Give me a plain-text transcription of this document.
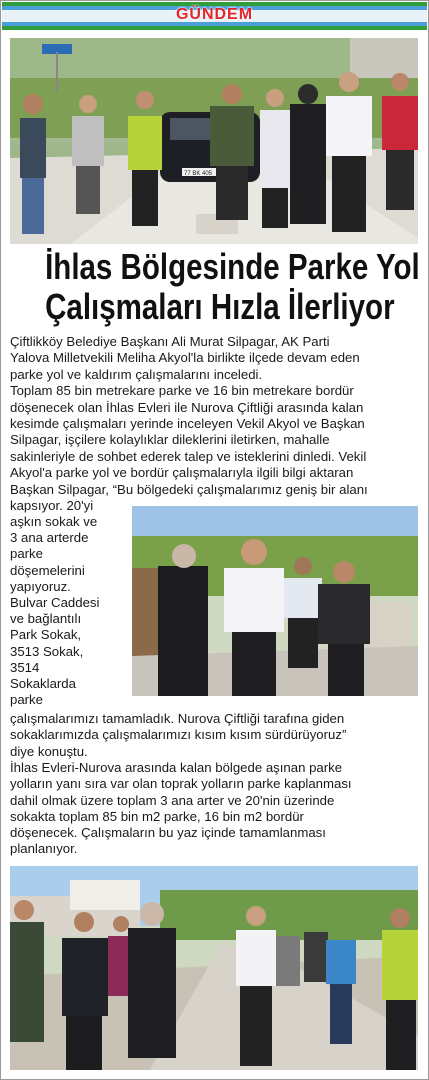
GÜNDEM
77 BK 405
İhlas Bölgesinde Parke Yol
Çalışmaları Hızla İlerliyor
Çiftlikköy Belediye Başkanı Ali Murat Silpagar, AK Parti
Yalova Milletvekili Meliha Akyol'la birlikte ilçede devam eden
parke yol ve kaldırım çalışmalarını inceledi.
Toplam 85 bin metrekare parke ve 16 bin metrekare bordür
döşenecek olan İhlas Evleri ile Nurova Çiftliği arasında kalan
kesimde çalışmaları yerinde inceleyen Vekil Akyol ve Başkan
Silpagar, işçilere kolaylıklar dileklerini iletirken, mahalle
sakinleriyle de sohbet ederek talep ve isteklerini dinledi. Vekil
Akyol'a parke yol ve bordür çalışmalarıyla ilgili bilgi aktaran
Başkan Silpagar, “Bu bölgedeki çalışmalarımız geniş bir alanı
kapsıyor. 20'yi
aşkın sokak ve
3 ana arterde
parke
döşemelerini
yapıyoruz.
Bulvar Caddesi
ve bağlantılı
Park Sokak,
3513 Sokak,
3514
Sokaklarda
parke
çalışmalarımızı tamamladık. Nurova Çiftliği tarafına giden
sokaklarımızda çalışmalarımızı kısım kısım sürdürüyoruz”
diye konuştu.
İhlas Evleri-Nurova arasında kalan bölgede aşınan parke
yolların yanı sıra var olan toprak yolların parke kaplanması
dahil olmak üzere toplam 3 ana arter ve 20'nin üzerinde
sokakta toplam 85 bin m2 parke, 16 bin m2 bordür
döşenecek. Çalışmaların bu yaz içinde tamamlanması
planlanıyor.
